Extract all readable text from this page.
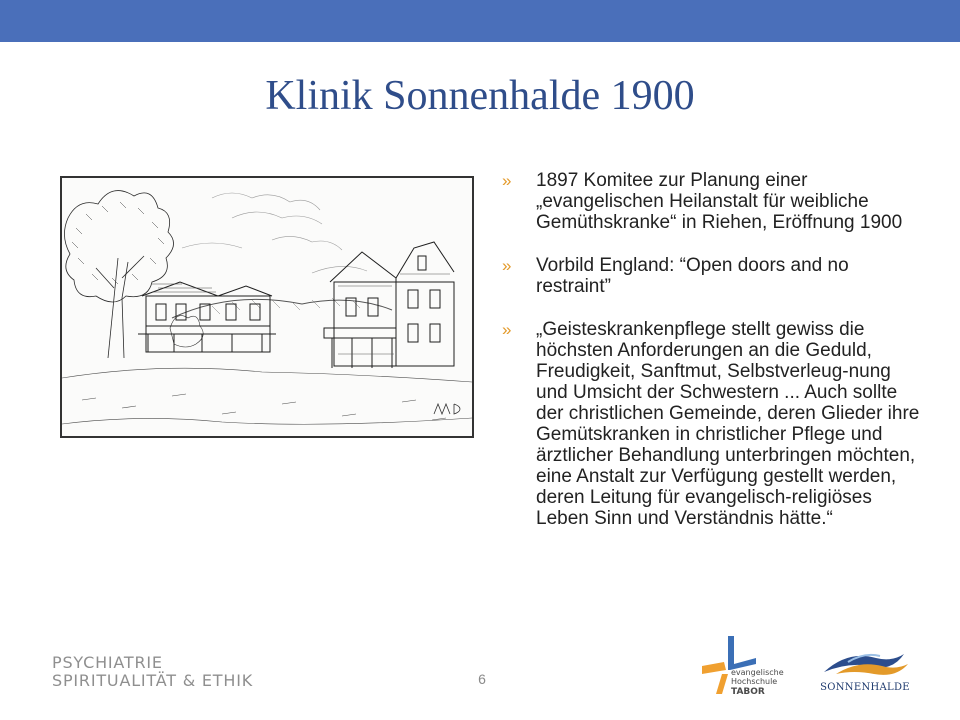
Klinik Sonnenhalde 1900
» 1897 Komitee zur Planung einer „evangelischen Heilanstalt für weibliche Gemüthskranke“ in Riehen, Eröffnung 1900
» Vorbild England: “Open doors and no restraint”
» „Geisteskrankenpflege stellt gewiss die höchsten Anforderungen an die Geduld, Freudigkeit, Sanftmut, Selbstverleug-nung und Umsicht der Schwestern ... Auch sollte der christlichen Gemeinde, deren Glieder ihre Gemütskranken in christlicher Pflege und ärztlicher Behandlung unterbringen möchten, eine Anstalt zur Verfügung gestellt werden, deren Leitung für evangelisch-religiöses Leben Sinn und Verständnis hätte.“
PSYCHIATRIE
SPIRITUALITÄT & ETHIK	6	evangelische
Hochschule
TABOR	SONNENHALDE
